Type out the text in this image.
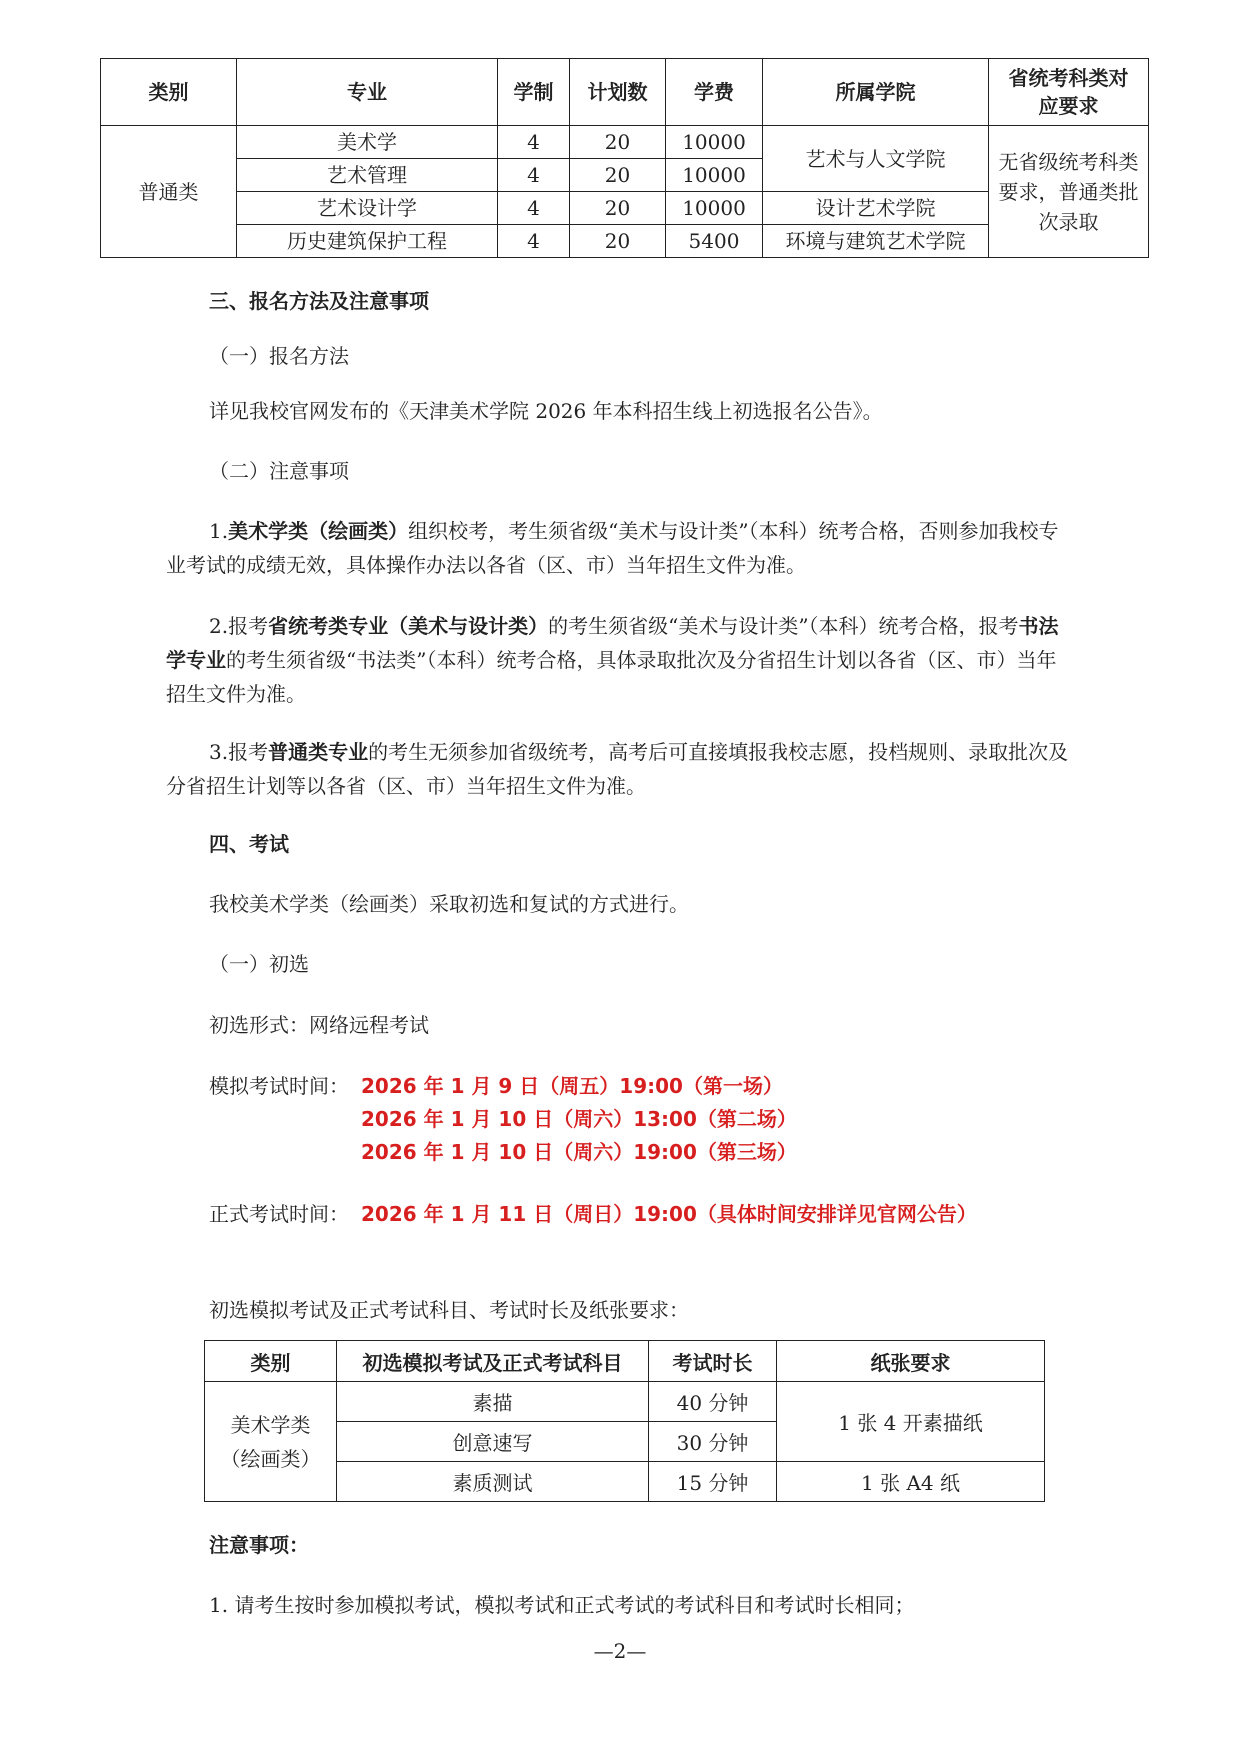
类别	专业	学制	计划数	学费	所属学院	省统考科类对应要求
普通类	美术学	4	20	10000	艺术与人文学院	无省级统考科类要求，普通类批次录取
	艺术管理	4	20	10000		
	艺术设计学	4	20	10000	设计艺术学院	
	历史建筑保护工程	4	20	5400	环境与建筑艺术学院	
三、报名方法及注意事项
（一）报名方法
详见我校官网发布的《天津美术学院 2026 年本科招生线上初选报名公告》。
（二）注意事项
1.美术学类（绘画类）组织校考，考生须省级“美术与设计类”（本科）统考合格，否则参加我校专业考试的成绩无效，具体操作办法以各省（区、市）当年招生文件为准。
2.报考省统考类专业（美术与设计类）的考生须省级“美术与设计类”（本科）统考合格，报考书法学专业的考生须省级“书法类”（本科）统考合格，具体录取批次及分省招生计划以各省（区、市）当年招生文件为准。
3.报考普通类专业的考生无须参加省级统考，高考后可直接填报我校志愿，投档规则、录取批次及分省招生计划等以各省（区、市）当年招生文件为准。
四、考试
我校美术学类（绘画类）采取初选和复试的方式进行。
（一）初选
初选形式：网络远程考试
模拟考试时间： 2026 年 1 月 9 日（周五）19:00（第一场）
2026 年 1 月 10 日（周六）13:00（第二场）
2026 年 1 月 10 日（周六）19:00（第三场）
正式考试时间： 2026 年 1 月 11 日（周日）19:00（具体时间安排详见官网公告）
初选模拟考试及正式考试科目、考试时长及纸张要求：
类别	初选模拟考试及正式考试科目	考试时长	纸张要求
美术学类（绘画类）	素描	40 分钟	1 张 4 开素描纸
	创意速写	30 分钟	
	素质测试	15 分钟	1 张 A4 纸
注意事项：
1. 请考生按时参加模拟考试，模拟考试和正式考试的考试科目和考试时长相同；
—2—
